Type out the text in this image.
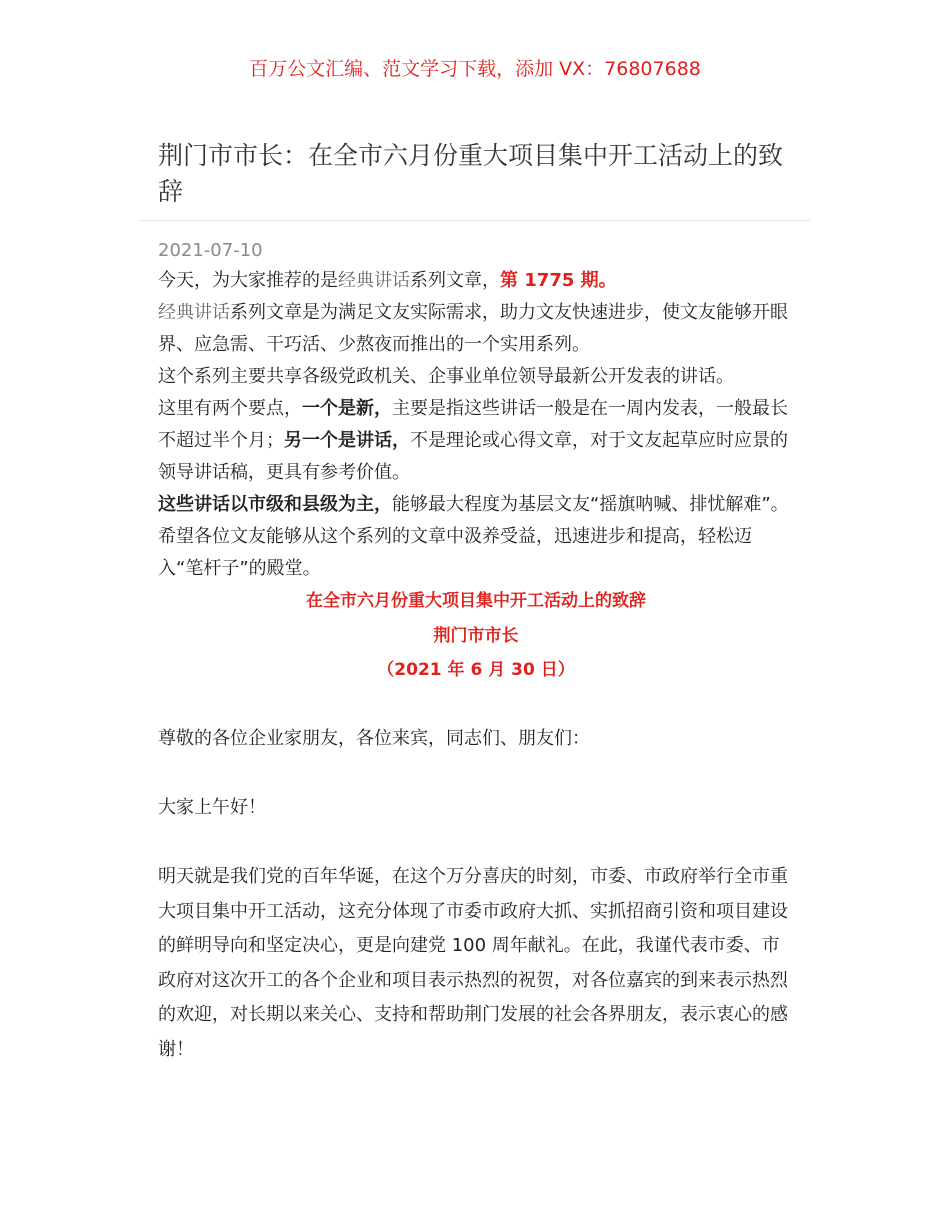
百万公文汇编、范文学习下载，添加 VX：76807688
荆门市市长：在全市六月份重大项目集中开工活动上的致辞
2021-07-10

今天，为大家推荐的是经典讲话系列文章，第 1775 期。

经典讲话系列文章是为满足文友实际需求，助力文友快速进步，使文友能够开眼界、应急需、干巧活、少熬夜而推出的一个实用系列。

这个系列主要共享各级党政机关、企事业单位领导最新公开发表的讲话。

这里有两个要点，一个是新，主要是指这些讲话一般是在一周内发表，一般最长不超过半个月；另一个是讲话，不是理论或心得文章，对于文友起草应时应景的领导讲话稿，更具有参考价值。

这些讲话以市级和县级为主，能够最大程度为基层文友“摇旗呐喊、排忧解难”。希望各位文友能够从这个系列的文章中汲养受益，迅速进步和提高，轻松迈入“笔杆子”的殿堂。

在全市六月份重大项目集中开工活动上的致辞
荆门市市长
（2021 年 6 月 30 日）

尊敬的各位企业家朋友，各位来宾，同志们、朋友们：

大家上午好！

明天就是我们党的百年华诞，在这个万分喜庆的时刻，市委、市政府举行全市重大项目集中开工活动，这充分体现了市委市政府大抓、实抓招商引资和项目建设的鲜明导向和坚定决心，更是向建党 100 周年献礼。在此，我谨代表市委、市政府对这次开工的各个企业和项目表示热烈的祝贺，对各位嘉宾的到来表示热烈的欢迎，对长期以来关心、支持和帮助荆门发展的社会各界朋友，表示衷心的感谢！
